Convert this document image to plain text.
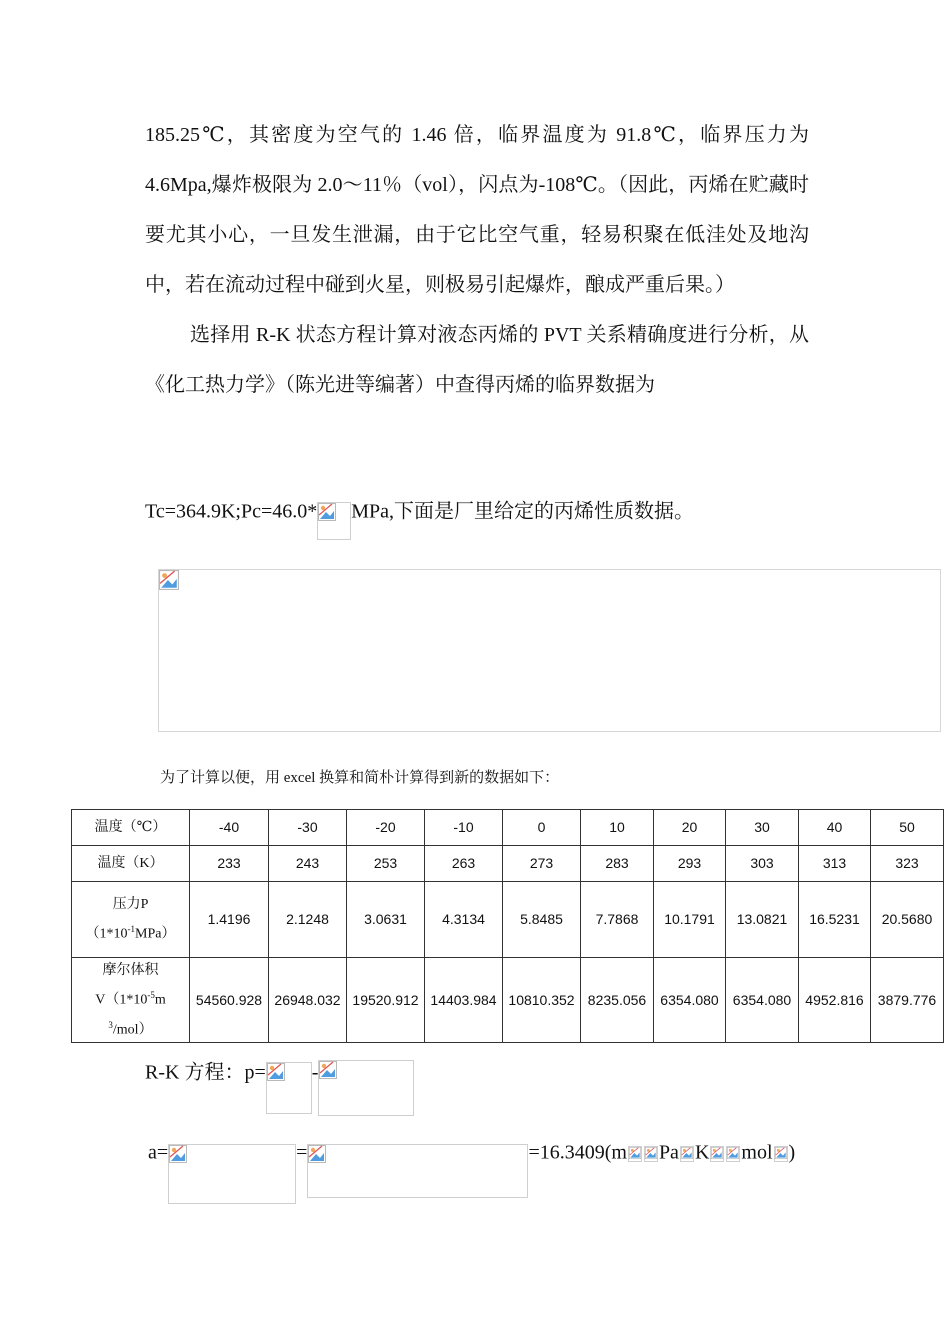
185.25℃，其密度为空气的 1.46 倍，临界温度为 91.8℃，临界压力为 4.6Mpa,爆炸极限为 2.0～11％（vol），闪点为-108℃。（因此，丙烯在贮藏时要尤其小心，一旦发生泄漏，由于它比空气重，轻易积聚在低洼处及地沟中，若在流动过程中碰到火星，则极易引起爆炸，酿成严重后果。）

选择用 R-K 状态方程计算对液态丙烯的 PVT 关系精确度进行分析，从《化工热力学》（陈光进等编著）中查得丙烯的临界数据为

Tc=364.9K;Pc=46.0* MPa,下面是厂里给定的丙烯性质数据。
为了计算以便，用 excel 换算和简朴计算得到新的数据如下：
温度（℃）	-40	-30	-20	-10	0	10	20	30	40	50
温度（K）	233	243	253	263	273	283	293	303	313	323
压力P
$(1*10^{-1}MPa)$	1.4196	2.1248	3.0631	4.3134	5.8485	7.7868	10.1791	13.0821	16.5231	20.5680
摩尔体积
$V(1*10^{-5}m^3/mol)$	54560.928	26948.032	19520.912	14403.984	10810.352	8235.056	6354.080	6354.080	4952.816	3879.776
R-K 方程：p= -
a=	=	=16.3409(m Pa K mol )
